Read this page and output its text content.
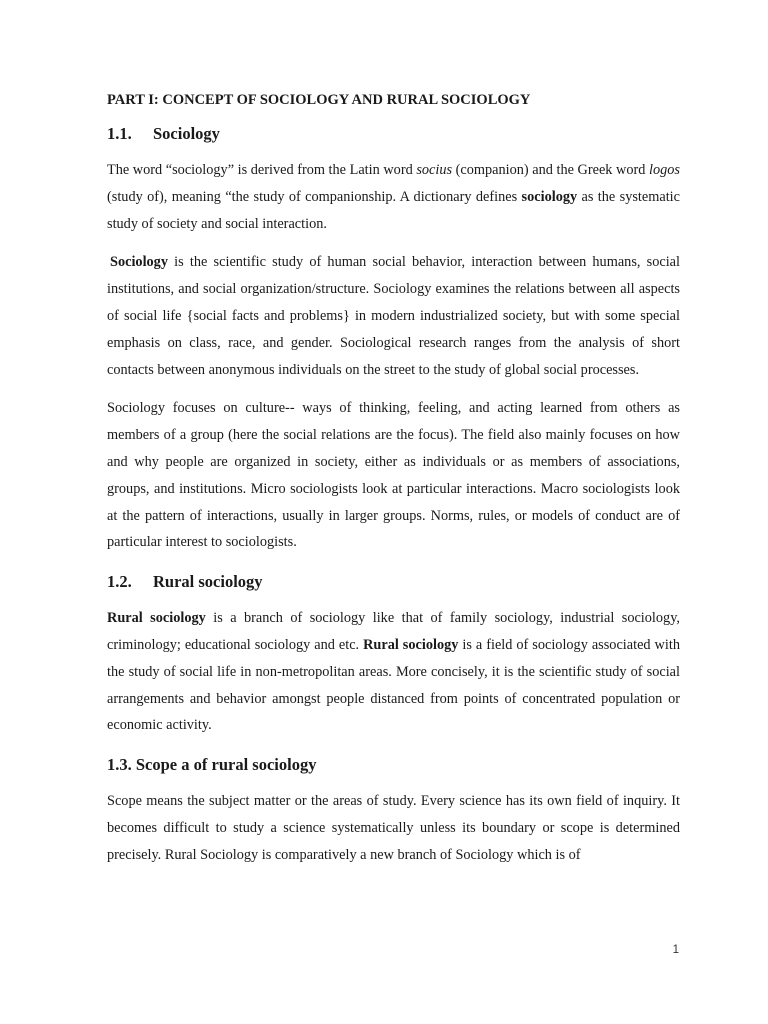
PART I: CONCEPT OF SOCIOLOGY AND RURAL SOCIOLOGY
1.1. Sociology

The word “sociology” is derived from the Latin word socius (companion) and the Greek word logos (study of), meaning “the study of companionship. A dictionary defines sociology as the systematic study of society and social interaction.

Sociology is the scientific study of human social behavior, interaction between humans, social institutions, and social organization/structure. Sociology examines the relations between all aspects of social life {social facts and problems} in modern industrialized society, but with some special emphasis on class, race, and gender. Sociological research ranges from the analysis of short contacts between anonymous individuals on the street to the study of global social processes.

Sociology focuses on culture-- ways of thinking, feeling, and acting learned from others as members of a group (here the social relations are the focus). The field also mainly focuses on how and why people are organized in society, either as individuals or as members of associations, groups, and institutions. Micro sociologists look at particular interactions. Macro sociologists look at the pattern of interactions, usually in larger groups. Norms, rules, or models of conduct are of particular interest to sociologists.

1.2. Rural sociology

Rural sociology is a branch of sociology like that of family sociology, industrial sociology, criminology; educational sociology and etc. Rural sociology is a field of sociology associated with the study of social life in non-metropolitan areas. More concisely, it is the scientific study of social arrangements and behavior amongst people distanced from points of concentrated population or economic activity.

1.3. Scope a of rural sociology

Scope means the subject matter or the areas of study. Every science has its own field of inquiry. It becomes difficult to study a science systematically unless its boundary or scope is determined precisely. Rural Sociology is comparatively a new branch of Sociology which is of

1
